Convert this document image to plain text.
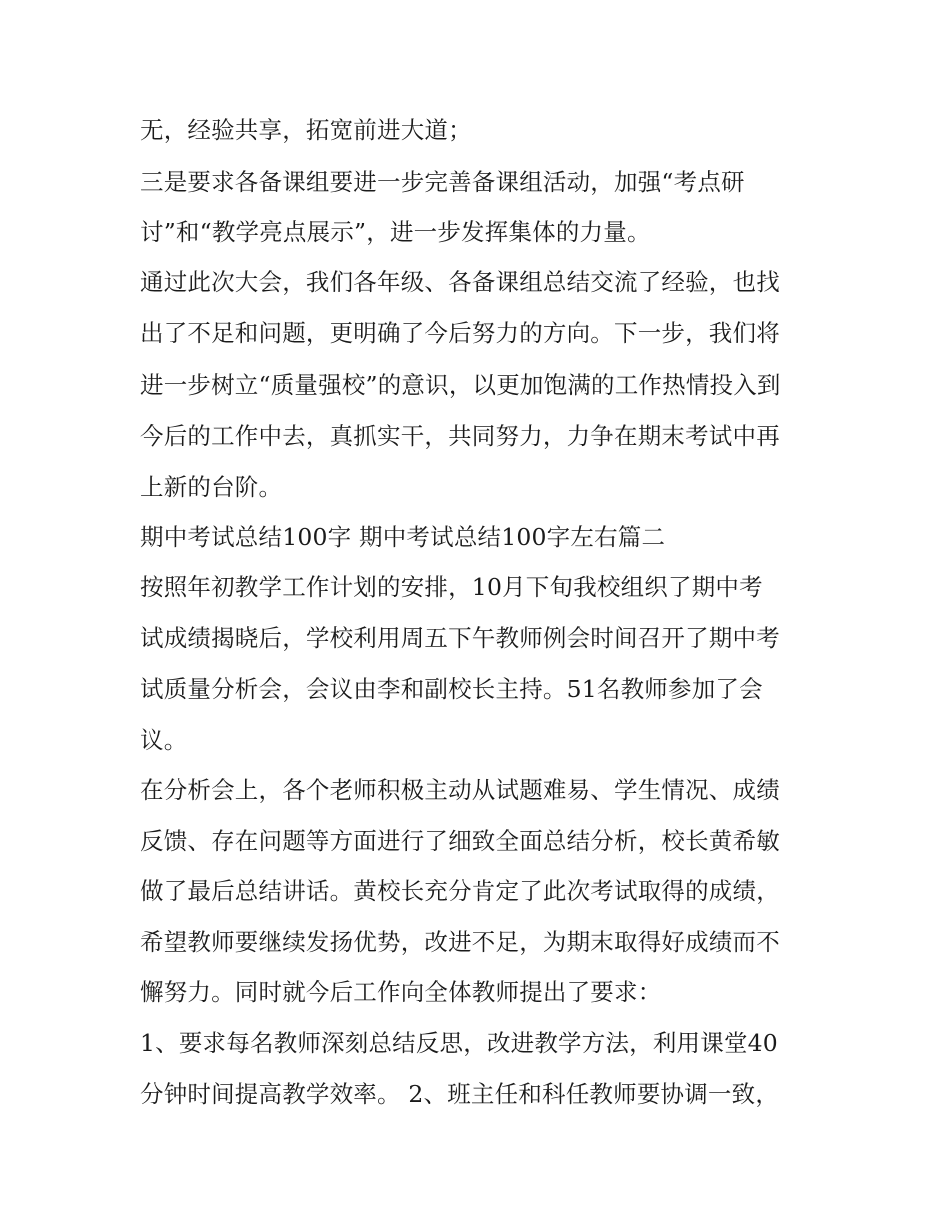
无，经验共享，拓宽前进大道；
三是要求各备课组要进一步完善备课组活动，加强“考点研
讨”和“教学亮点展示”，进一步发挥集体的力量。
通过此次大会，我们各年级、各备课组总结交流了经验，也找
出了不足和问题，更明确了今后努力的方向。下一步，我们将
进一步树立“质量强校”的意识，以更加饱满的工作热情投入到
今后的工作中去，真抓实干，共同努力，力争在期末考试中再
上新的台阶。
期中考试总结100字 期中考试总结100字左右篇二
按照年初教学工作计划的安排，10月下旬我校组织了期中考
试成绩揭晓后，学校利用周五下午教师例会时间召开了期中考
试质量分析会，会议由李和副校长主持。51名教师参加了会
议。
在分析会上，各个老师积极主动从试题难易、学生情况、成绩
反馈、存在问题等方面进行了细致全面总结分析，校长黄希敏
做了最后总结讲话。黄校长充分肯定了此次考试取得的成绩，
希望教师要继续发扬优势，改进不足，为期末取得好成绩而不
懈努力。同时就今后工作向全体教师提出了要求：
1、要求每名教师深刻总结反思，改进教学方法，利用课堂40
分钟时间提高教学效率。 2、班主任和科任教师要协调一致，
